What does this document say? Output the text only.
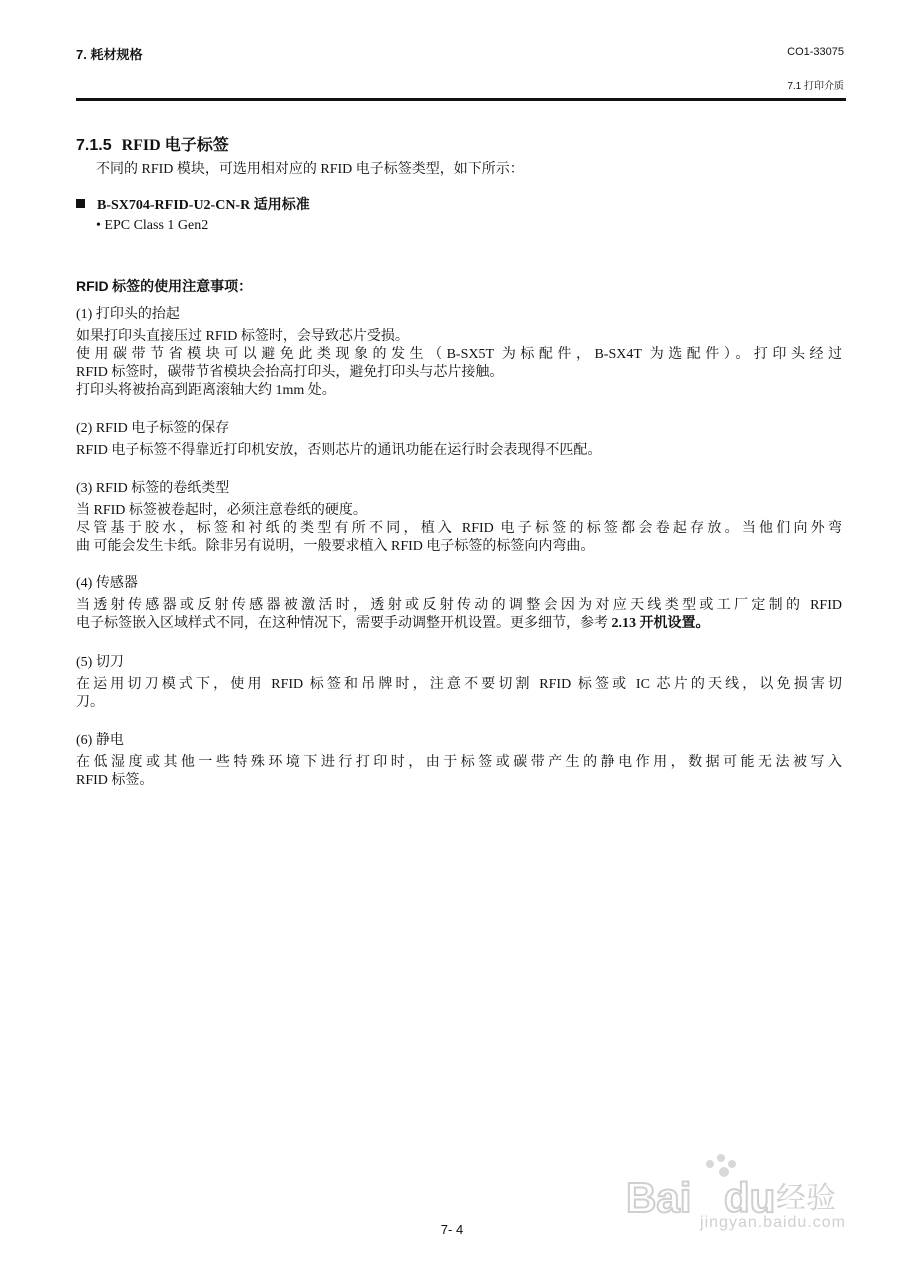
7. 耗材规格	CO1-33075
7.1 打印介质
7.1.5 RFID 电子标签
不同的 RFID 模块，可选用相对应的 RFID 电子标签类型，如下所示：
B-SX704-RFID-U2-CN-R 适用标准
• EPC Class 1 Gen2
RFID 标签的使用注意事项：
(1) 打印头的抬起
如果打印头直接压过 RFID 标签时，会导致芯片受损。
使用碳带节省模块可以避免此类现象的发生（B-SX5T 为标配件，B-SX4T 为选配件）。打印头经过
RFID 标签时，碳带节省模块会抬高打印头，避免打印头与芯片接触。
打印头将被抬高到距离滚轴大约 1mm 处。
(2) RFID 电子标签的保存
RFID 电子标签不得靠近打印机安放，否则芯片的通讯功能在运行时会表现得不匹配。
(3) RFID 标签的卷纸类型
当 RFID 标签被卷起时，必须注意卷纸的硬度。
尽管基于胶水，标签和衬纸的类型有所不同，植入 RFID 电子标签的标签都会卷起存放。当他们向外弯
曲 可能会发生卡纸。除非另有说明，一般要求植入 RFID 电子标签的标签向内弯曲。
(4) 传感器
当透射传感器或反射传感器被激活时，透射或反射传动的调整会因为对应天线类型或工厂定制的 RFID
电子标签嵌入区域样式不同，在这种情况下，需要手动调整开机设置。更多细节，参考 2.13 开机设置。
(5) 切刀
在运用切刀模式下，使用 RFID 标签和吊牌时，注意不要切割 RFID 标签或 IC 芯片的天线，以免损害切
刀。
(6) 静电
在低湿度或其他一些特殊环境下进行打印时，由于标签或碳带产生的静电作用，数据可能无法被写入
RFID 标签。
7- 4
Bai du 经验
jingyan.baidu.com
